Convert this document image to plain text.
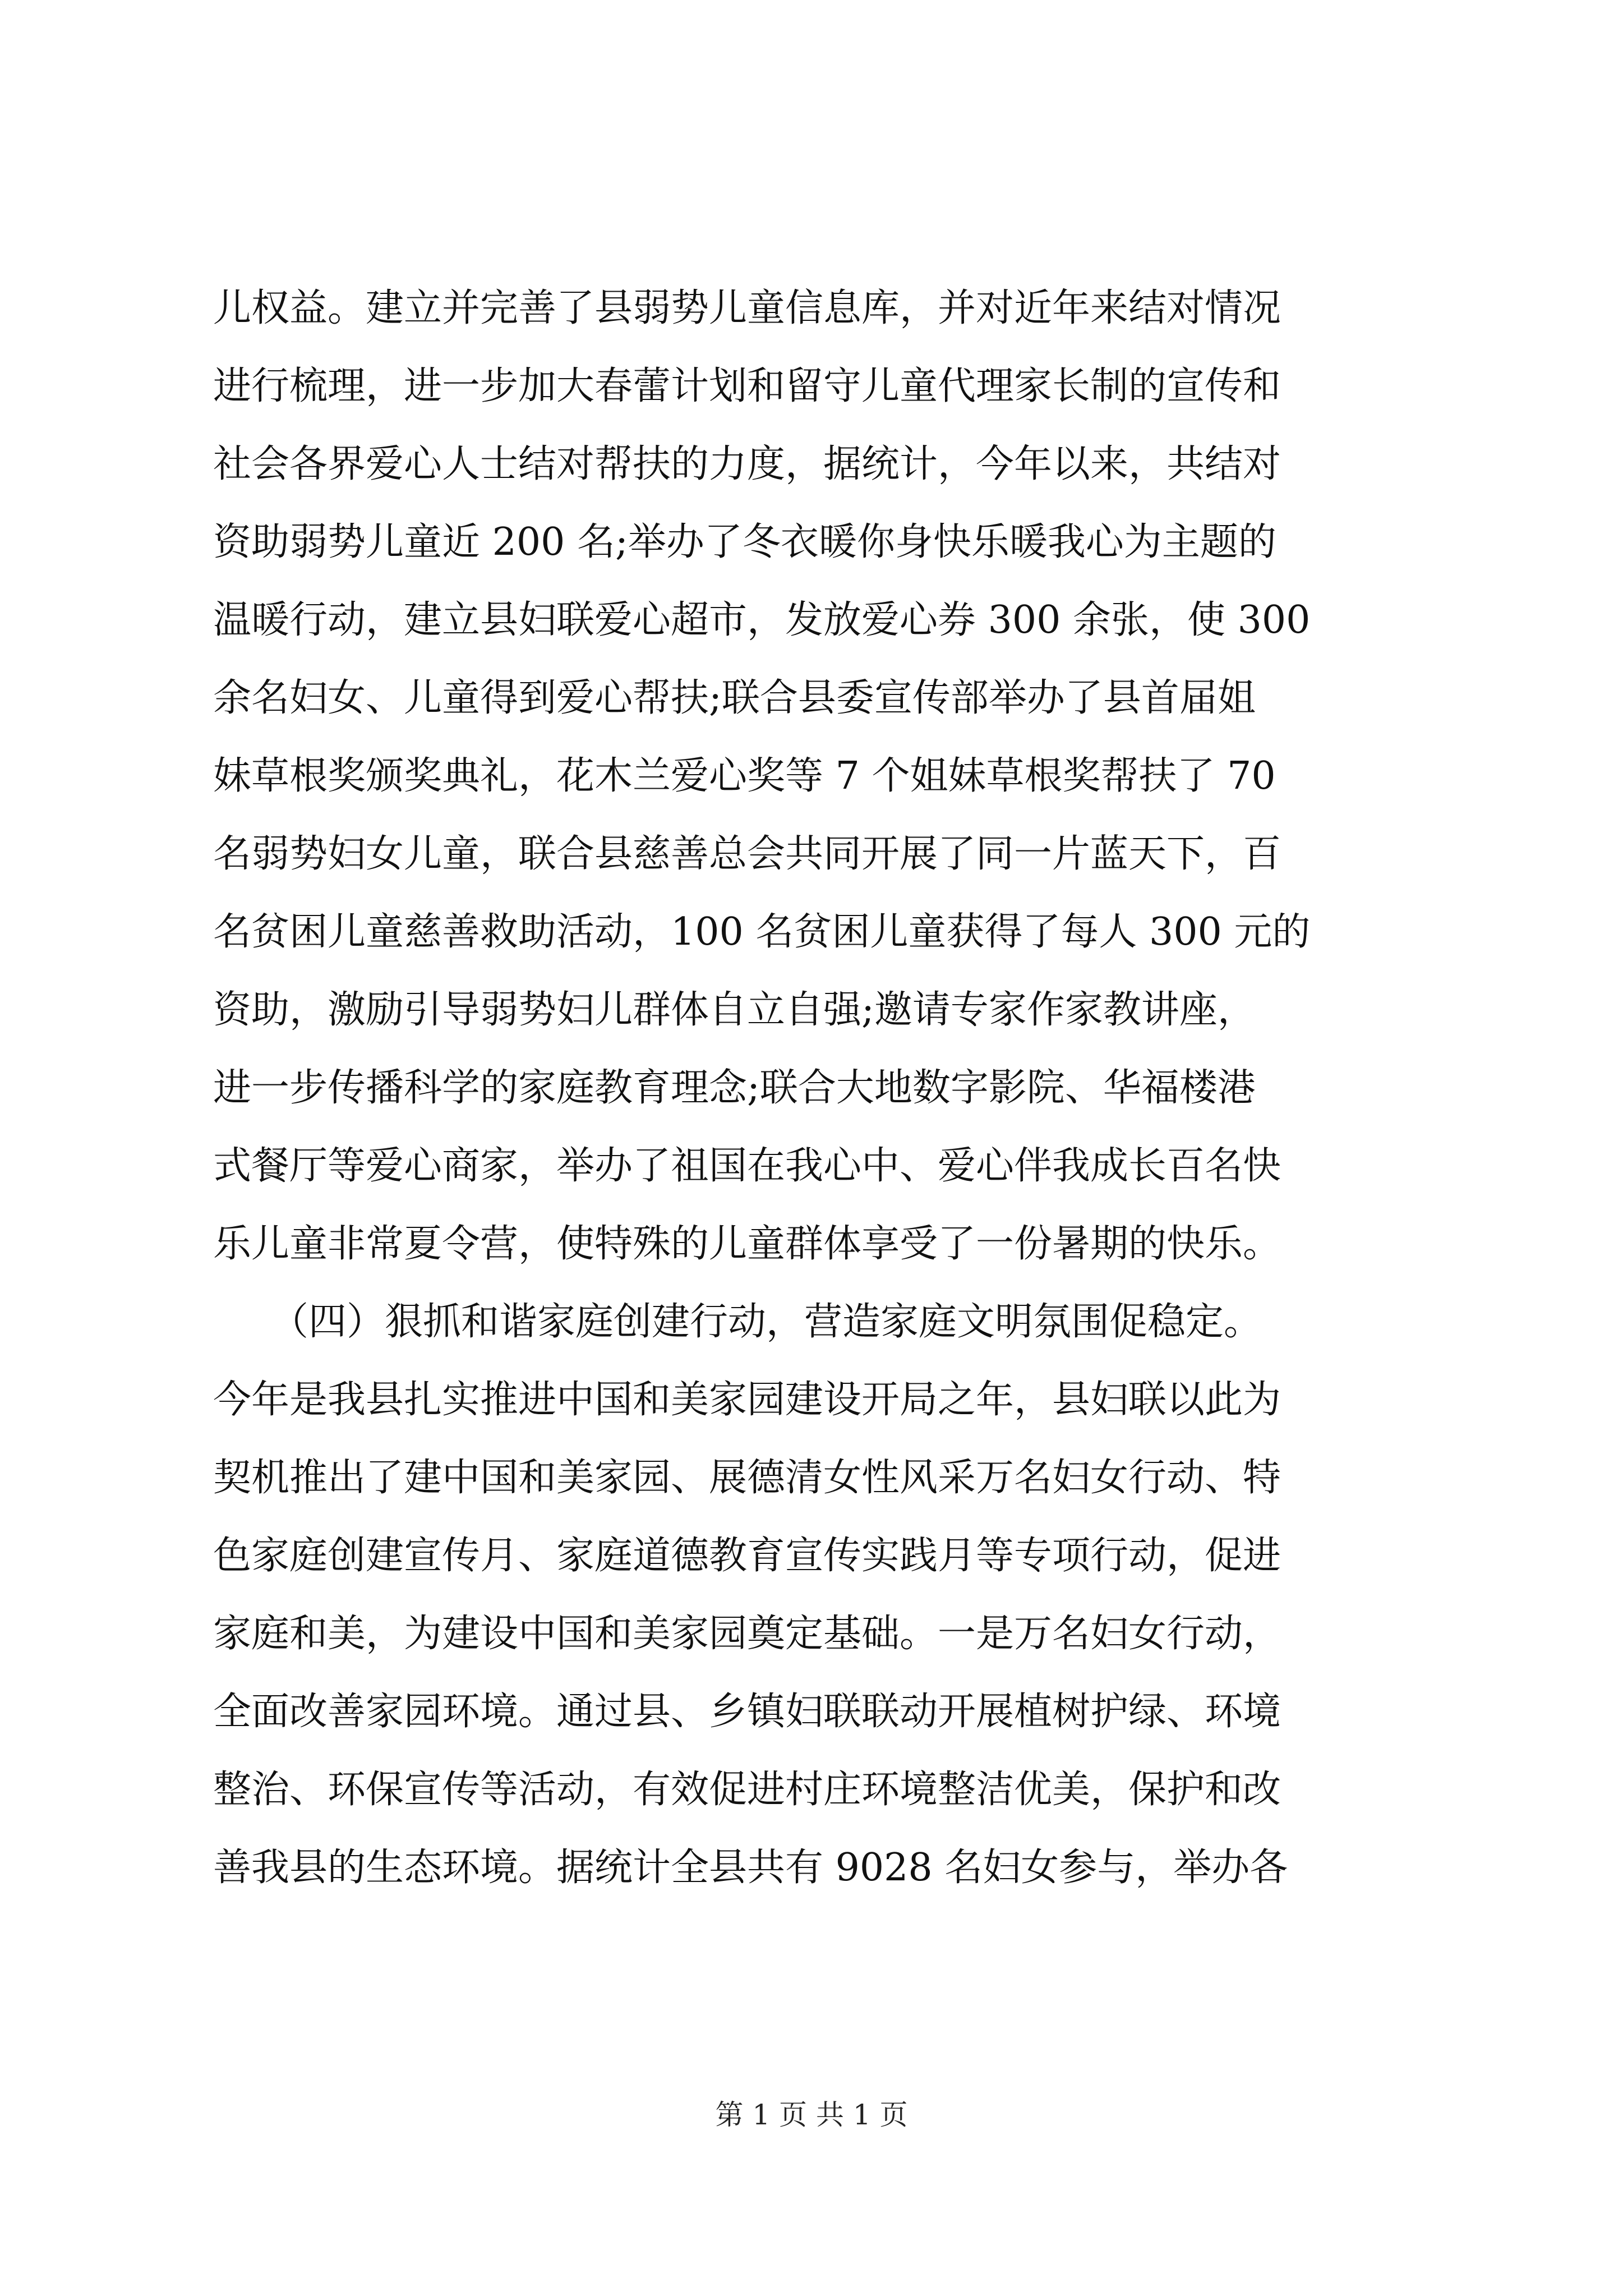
儿权益。建立并完善了县弱势儿童信息库，并对近年来结对情况
进行梳理，进一步加大春蕾计划和留守儿童代理家长制的宣传和
社会各界爱心人士结对帮扶的力度，据统计，今年以来，共结对
资助弱势儿童近 200 名;举办了冬衣暖你身快乐暖我心为主题的
温暖行动，建立县妇联爱心超市，发放爱心券 300 余张，使 300
余名妇女、儿童得到爱心帮扶;联合县委宣传部举办了县首届姐
妹草根奖颁奖典礼，花木兰爱心奖等 7 个姐妹草根奖帮扶了 70
名弱势妇女儿童，联合县慈善总会共同开展了同一片蓝天下，百
名贫困儿童慈善救助活动，100 名贫困儿童获得了每人 300 元的
资助，激励引导弱势妇儿群体自立自强;邀请专家作家教讲座，
进一步传播科学的家庭教育理念;联合大地数字影院、华福楼港
式餐厅等爱心商家，举办了祖国在我心中、爱心伴我成长百名快
乐儿童非常夏令营，使特殊的儿童群体享受了一份暑期的快乐。
　　（四）狠抓和谐家庭创建行动，营造家庭文明氛围促稳定。
今年是我县扎实推进中国和美家园建设开局之年，县妇联以此为
契机推出了建中国和美家园、展德清女性风采万名妇女行动、特
色家庭创建宣传月、家庭道德教育宣传实践月等专项行动，促进
家庭和美，为建设中国和美家园奠定基础。一是万名妇女行动，
全面改善家园环境。通过县、乡镇妇联联动开展植树护绿、环境
整治、环保宣传等活动，有效促进村庄环境整洁优美，保护和改
善我县的生态环境。据统计全县共有 9028 名妇女参与，举办各
第 1 页 共 1 页
